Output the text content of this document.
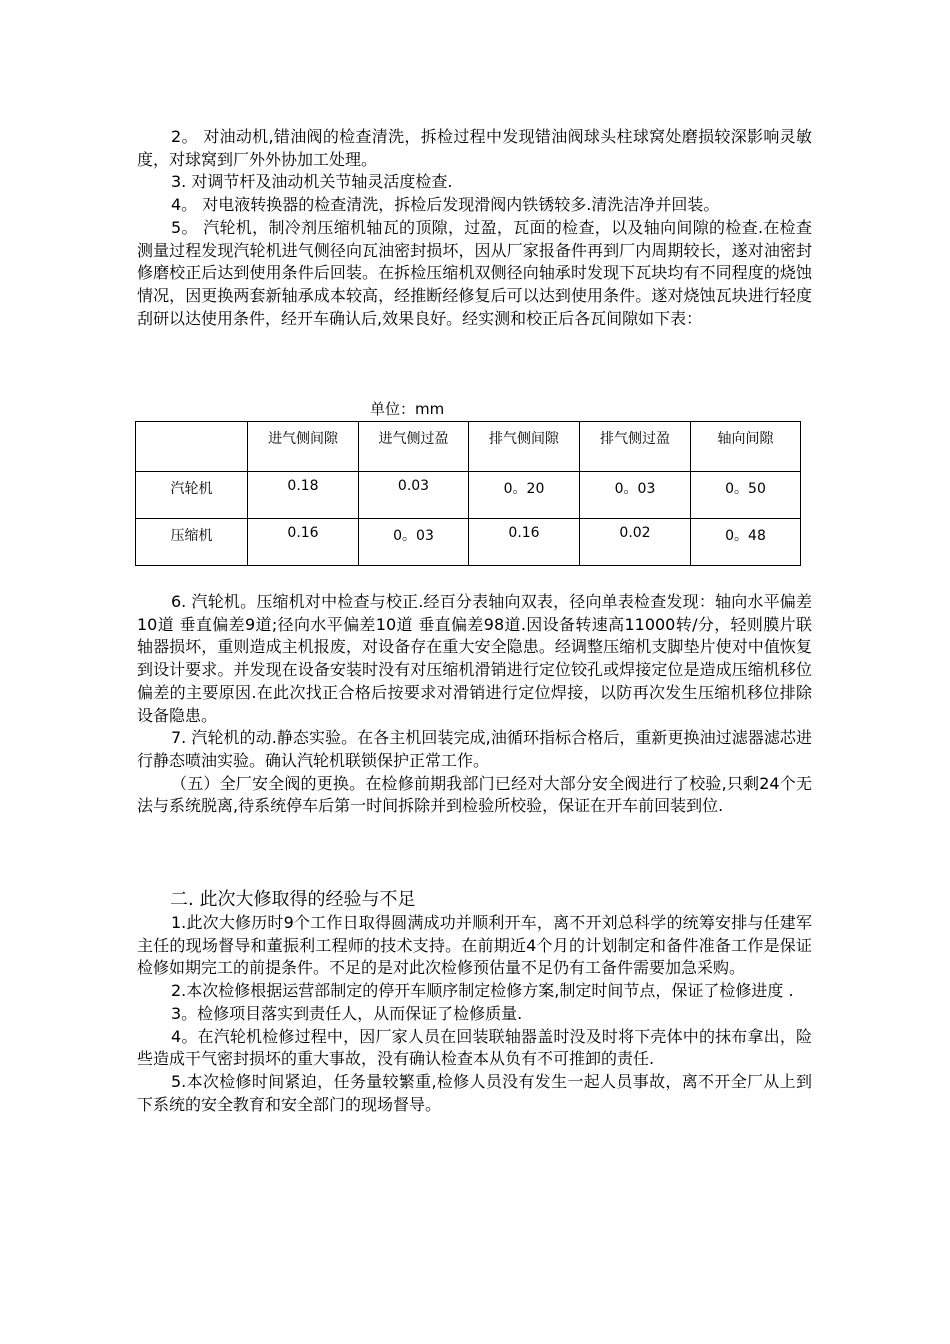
2。 对油动机,错油阀的检查清洗，拆检过程中发现错油阀球头柱球窝处磨损较深影响灵敏度，对球窝到厂外外协加工处理。

3. 对调节杆及油动机关节轴灵活度检查.

4。 对电液转换器的检查清洗，拆检后发现滑阀内铁锈较多.清洗洁净并回装。

5。 汽轮机，制冷剂压缩机轴瓦的顶隙，过盈，瓦面的检查，以及轴向间隙的检查.在检查测量过程发现汽轮机进气侧径向瓦油密封损坏，因从厂家报备件再到厂内周期较长，遂对油密封修磨校正后达到使用条件后回装。在拆检压缩机双侧径向轴承时发现下瓦块均有不同程度的烧蚀情况，因更换两套新轴承成本较高，经推断经修复后可以达到使用条件。遂对烧蚀瓦块进行轻度刮研以达使用条件，经开车确认后,效果良好。经实测和校正后各瓦间隙如下表：

单位：mm
	进气侧间隙	进气侧过盈	排气侧间隙	排气侧过盈	轴向间隙
汽轮机	0.18	0.03	0。20	0。03	0。50
压缩机	0.16	0。03	0.16	0.02	0。48

6. 汽轮机。压缩机对中检查与校正.经百分表轴向双表，径向单表检查发现：轴向水平偏差10道 垂直偏差9道;径向水平偏差10道 垂直偏差98道.因设备转速高11000转/分，轻则膜片联轴器损坏，重则造成主机报废，对设备存在重大安全隐患。经调整压缩机支脚垫片使对中值恢复到设计要求。并发现在设备安装时没有对压缩机滑销进行定位铰孔或焊接定位是造成压缩机移位偏差的主要原因.在此次找正合格后按要求对滑销进行定位焊接，以防再次发生压缩机移位排除设备隐患。

7. 汽轮机的动.静态实验。在各主机回装完成,油循环指标合格后，重新更换油过滤器滤芯进行静态喷油实验。确认汽轮机联锁保护正常工作。

（五）全厂安全阀的更换。在检修前期我部门已经对大部分安全阀进行了校验,只剩24个无法与系统脱离,待系统停车后第一时间拆除并到检验所校验，保证在开车前回装到位.

二. 此次大修取得的经验与不足

1.此次大修历时9个工作日取得圆满成功并顺利开车，离不开刘总科学的统筹安排与任建军主任的现场督导和董振利工程师的技术支持。在前期近4个月的计划制定和备件准备工作是保证检修如期完工的前提条件。不足的是对此次检修预估量不足仍有工备件需要加急采购。

2.本次检修根据运营部制定的停开车顺序制定检修方案,制定时间节点，保证了检修进度 .

3。检修项目落实到责任人，从而保证了检修质量.

4。在汽轮机检修过程中，因厂家人员在回装联轴器盖时没及时将下壳体中的抹布拿出，险些造成干气密封损坏的重大事故，没有确认检查本从负有不可推卸的责任.

5.本次检修时间紧迫，任务量较繁重,检修人员没有发生一起人员事故，离不开全厂从上到下系统的安全教育和安全部门的现场督导。
